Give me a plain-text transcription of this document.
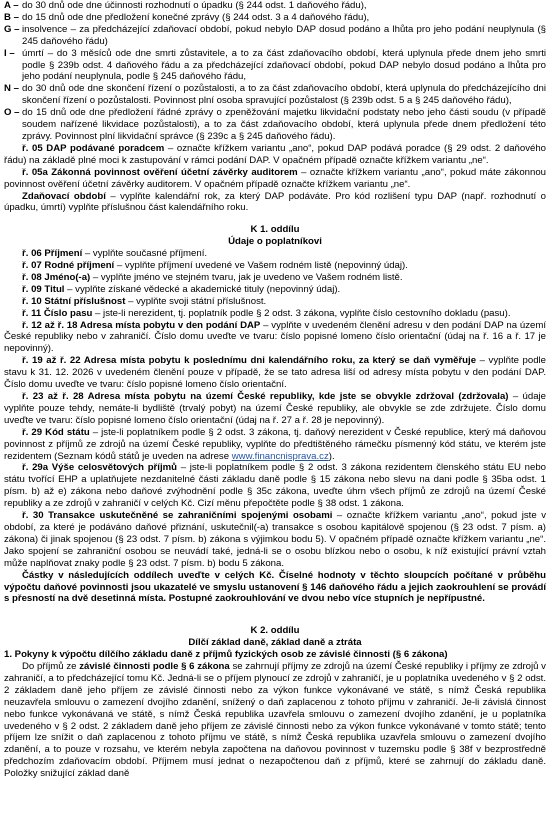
A – do 30 dnů ode dne účinnosti rozhodnutí o úpadku (§ 244 odst. 1 daňového řádu),
B – do 15 dnů ode dne předložení konečné zprávy (§ 244 odst. 3 a 4 daňového řádu),
G – insolvence – za předcházející zdaňovací období, pokud nebylo DAP dosud podáno a lhůta pro jeho podání neuplynula (§ 245 daňového řádu)
I – úmrtí – do 3 měsíců ode dne smrti zůstavitele, a to za část zdaňovacího období, která uplynula přede dnem jeho smrti podle § 239b odst. 4 daňového řádu a za předcházející zdaňovací období, pokud DAP nebylo dosud podáno a lhůta pro jeho podání neuplynula, podle § 245 daňového řádu,
N – do 30 dnů ode dne skončení řízení o pozůstalosti, a to za část zdaňovacího období, která uplynula do předcházejícího dni skončení řízení o pozůstalosti. Povinnost plní osoba spravující pozůstalost (§ 239b odst. 5 a § 245 daňového řádu),
O – do 15 dnů ode dne předložení řádné zprávy o zpeněžování majetku likvidační podstaty nebo jeho části soudu (v případě soudem nařízené likvidace pozůstalosti), a to za část zdaňovacího období, která uplynula přede dnem předložení této zprávy. Povinnost plní likvidační správce (§ 239c a § 245 daňového řádu).
ř. 05 DAP podávané poradcem – označte křížkem variantu „ano“, pokud DAP podává poradce (§ 29 odst. 2 daňového řádu) na základě plné moci k zastupování v rámci podání DAP. V opačném případě označte křížkem variantu „ne“.
ř. 05a Zákonná povinnost ověření účetní závěrky auditorem – označte křížkem variantu „ano“, pokud máte zákonnou povinnost ověření účetní závěrky auditorem. V opačném případě označte křížkem variantu „ne“.
Zdaňovací období – vyplňte kalendářní rok, za který DAP podáváte. Pro kód rozlišení typu DAP (např. rozhodnutí o úpadku, úmrtí) vyplňte příslušnou část kalendářního roku.
K 1. oddílu
Údaje o poplatníkovi
ř. 06 Příjmení – vyplňte současné příjmení.
ř. 07 Rodné příjmení – vyplňte příjmení uvedené ve Vašem rodném listě (nepovinný údaj).
ř. 08 Jméno(-a) – vyplňte jméno ve stejném tvaru, jak je uvedeno ve Vašem rodném listě.
ř. 09 Titul – vyplňte získané vědecké a akademické tituly (nepovinný údaj).
ř. 10 Státní příslušnost – vyplňte svoji státní příslušnost.
ř. 11 Číslo pasu – jste-li nerezident, tj. poplatník podle § 2 odst. 3 zákona, vyplňte číslo cestovního dokladu (pasu).
ř. 12 až ř. 18 Adresa místa pobytu v den podání DAP – vyplňte v uvedeném členění adresu v den podání DAP na území České republiky nebo v zahraničí. Číslo domu uveďte ve tvaru: číslo popisné lomeno číslo orientační (údaj na ř. 16 a ř. 17 je nepovinný).
ř. 19 až ř. 22 Adresa místa pobytu k poslednímu dni kalendářního roku, za který se daň vyměřuje – vyplňte podle stavu k 31. 12. 2026 v uvedeném členění pouze v případě, že se tato adresa liší od adresy místa pobytu v den podání DAP. Číslo domu uveďte ve tvaru: číslo popisné lomeno číslo orientační.
ř. 23 až ř. 28 Adresa místa pobytu na území České republiky, kde jste se obvykle zdržoval (zdržovala) – údaje vyplňte pouze tehdy, nemáte-li bydliště (trvalý pobyt) na území České republiky, ale obvykle se zde zdržujete. Číslo domu uveďte ve tvaru: číslo popisné lomeno číslo orientační (údaj na ř. 27 a ř. 28 je nepovinný).
ř. 29 Kód státu – jste-li poplatníkem podle § 2 odst. 3 zákona, tj. daňový nerezident v České republice, který má daňovou povinnost z příjmů ze zdrojů na území České republiky, vyplňte do předtištěného rámečku písmenný kód státu, ve kterém jste rezidentem (Seznam kódů států je uveden na adrese www.financnisprava.cz).
ř. 29a Výše celosvětových příjmů – jste-li poplatníkem podle § 2 odst. 3 zákona rezidentem členského státu EU nebo státu tvořící EHP a uplatňujete nezdanitelné části základu daně podle § 15 zákona nebo slevu na dani podle § 35ba odst. 1 písm. b) až e) zákona nebo daňové zvýhodnění podle § 35c zákona, uveďte úhrn všech příjmů ze zdrojů na území České republiky a ze zdrojů v zahraničí v celých Kč. Cizí měnu přepočtěte podle § 38 odst. 1 zákona.
ř. 30 Transakce uskutečněné se zahraničními spojenými osobami – označte křížkem variantu „ano“, pokud jste v období, za které je podáváno daňové přiznání, uskutečnil(-a) transakce s osobou kapitálově spojenou (§ 23 odst. 7 písm. a) zákona) či jinak spojenou (§ 23 odst. 7 písm. b) zákona s výjimkou bodu 5). V opačném případě označte křížkem variantu „ne“. Jako spojení se zahraniční osobou se neuvádí také, jedná-li se o osobu blízkou nebo o osobu, k níž existující právní vztah může naplňovat znaky podle § 23 odst. 7 písm. b) bodu 5 zákona.
Částky v následujících oddílech uveďte v celých Kč. Číselné hodnoty v těchto sloupcích počítané v průběhu výpočtu daňové povinnosti jsou ukazatelé ve smyslu ustanovení § 146 daňového řádu a jejich zaokrouhlení se provádí s přesností na dvě desetinná místa. Postupné zaokrouhlování ve dvou nebo více stupních je nepřípustné.
K 2. oddílu
Dílčí základ daně, základ daně a ztráta
1. Pokyny k výpočtu dílčího základu daně z příjmů fyzických osob ze závislé činnosti (§ 6 zákona)
Do příjmů ze závislé činnosti podle § 6 zákona se zahrnují příjmy ze zdrojů na území České republiky i příjmy ze zdrojů v zahraničí, a to předcházející tomu Kč. Jedná-li se o příjem plynoucí ze zdrojů v zahraničí, je u poplatníka uvedeného v § 2 odst. 2 základem daně jeho příjem ze závislé činnosti nebo za výkon funkce vykonávané ve státě, s nímž Česká republika neuzavřela smlouvu o zamezení dvojího zdanění, snížený o daň zaplacenou z tohoto příjmu v zahraničí. Je-li závislá činnost nebo funkce vykonávaná ve státě, s nímž Česká republika uzavřela smlouvu o zamezení dvojího zdanění, je u poplatníka uvedeného v § 2 odst. 2 základem daně jeho příjem ze závislé činnosti nebo za výkon funkce vykonávané v tomto státě; tento příjem lze snížit o daň zaplacenou z tohoto příjmu ve státě, s nímž Česká republika uzavřela smlouvu o zamezení dvojího zdanění, a to pouze v rozsahu, ve kterém nebyla započtena na daňovou povinnost v tuzemsku podle § 38f v bezprostředně předchozím zdaňovacím období. Příjmem musí jednat o nezapočtenou daň z příjmů, které se zahrnují do základu daně. Položky snižující základ daně
